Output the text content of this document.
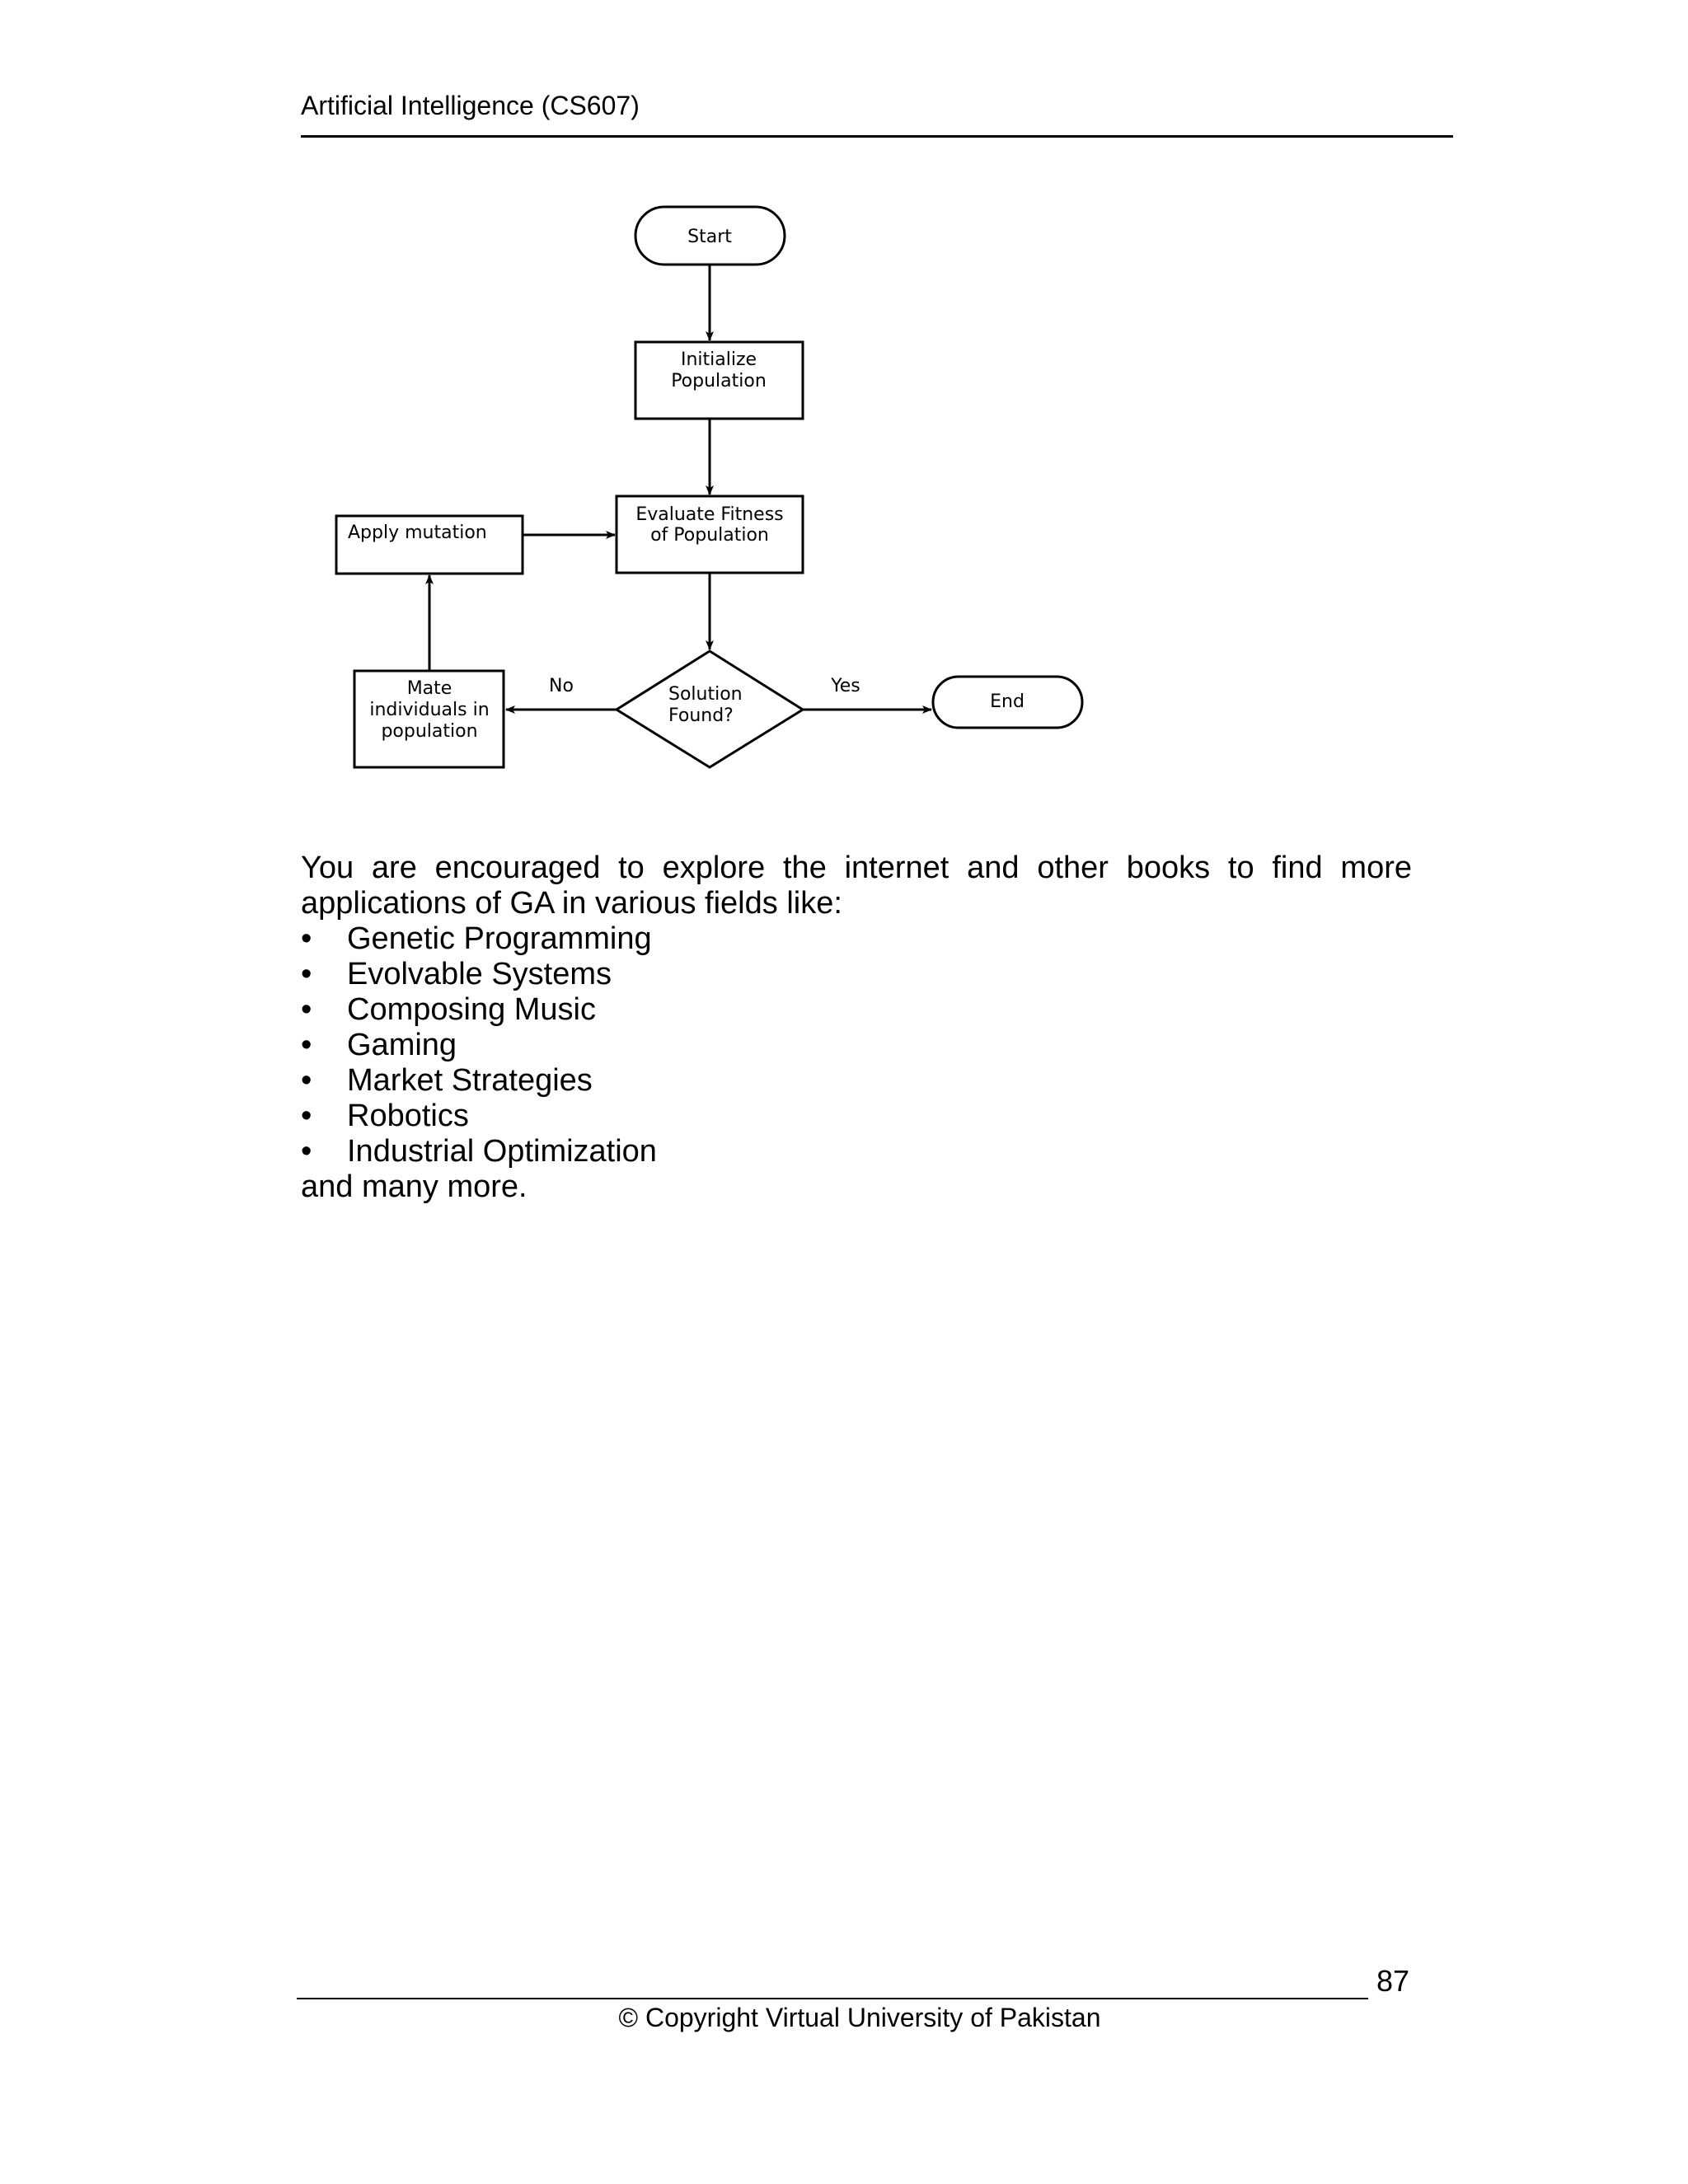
Artificial Intelligence (CS607)
Start
Initialize
Population
Evaluate Fitness
of Population
Apply mutation
Solution
Found?
No	Yes
Mate
individuals in
population
End

You are encouraged to explore the internet and other books to find more applications of GA in various fields like:

• Genetic Programming
• Evolvable Systems
• Composing Music
• Gaming
• Market Strategies
• Robotics
• Industrial Optimization
and many more.
87
© Copyright Virtual University of Pakistan
